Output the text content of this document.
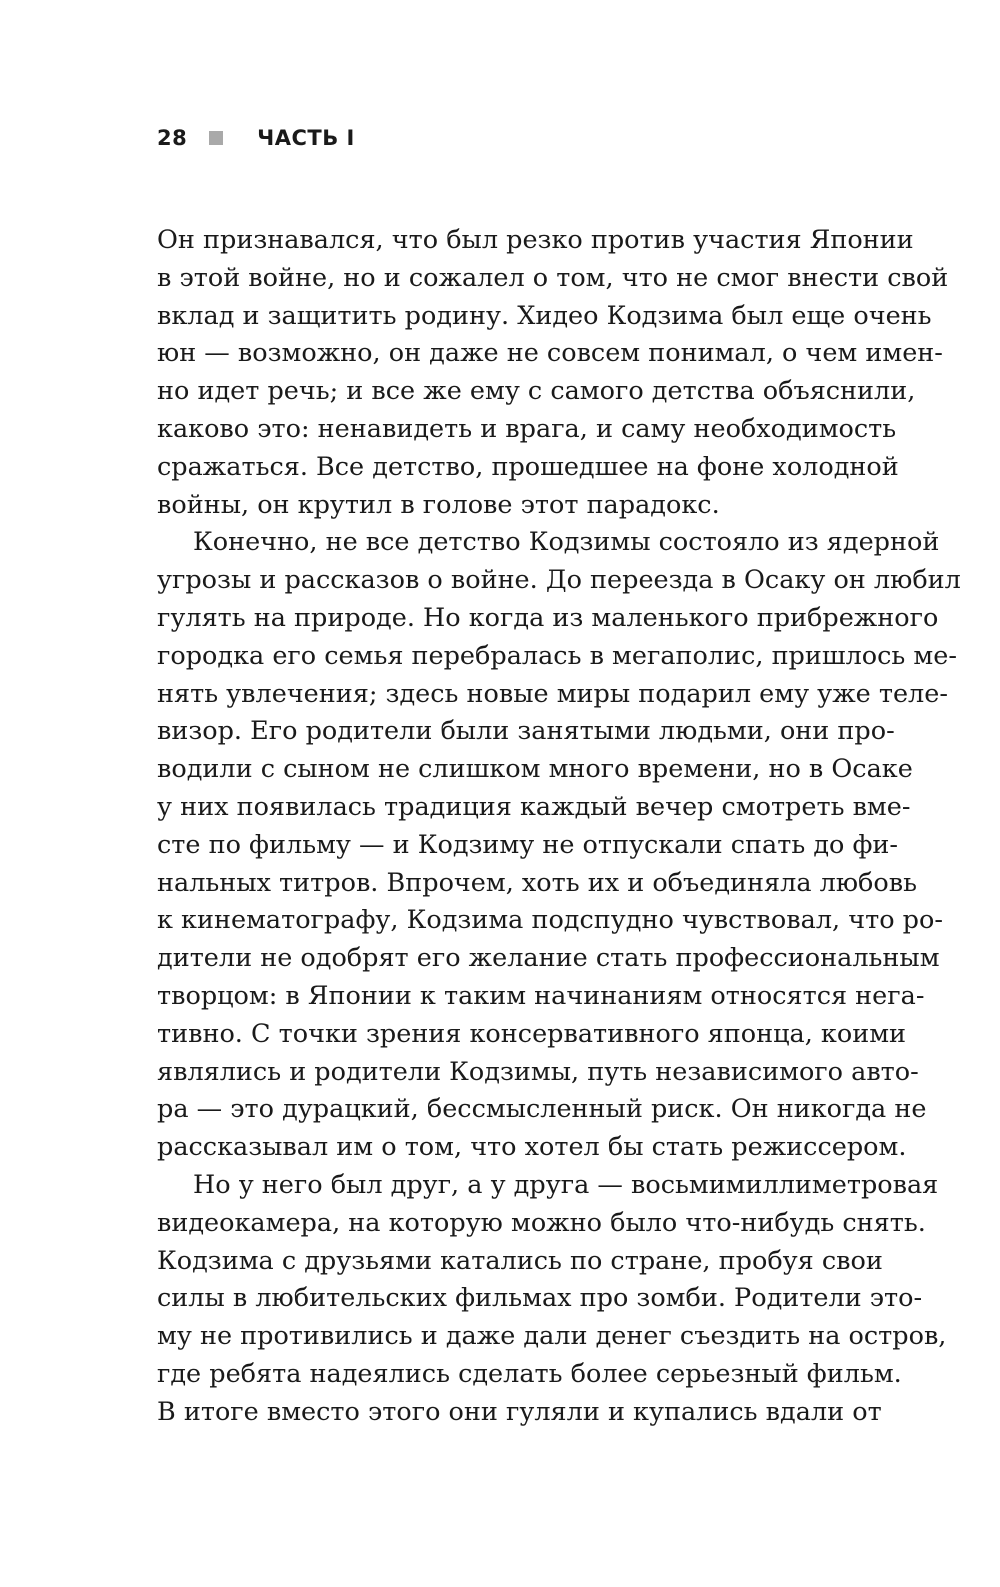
28	ЧАСТЬ I
Он признавался, что был резко против участия Японии
в этой войне, но и сожалел о том, что не смог внести свой
вклад и защитить родину. Хидео Кодзима был еще очень
юн — возможно, он даже не совсем понимал, о чем имен-
но идет речь; и все же ему с самого детства объяснили,
каково это: ненавидеть и врага, и саму необходимость
сражаться. Все детство, прошедшее на фоне холодной
войны, он крутил в голове этот парадокс.
Конечно, не все детство Кодзимы состояло из ядерной
угрозы и рассказов о войне. До переезда в Осаку он любил
гулять на природе. Но когда из маленького прибрежного
городка его семья перебралась в мегаполис, пришлось ме-
нять увлечения; здесь новые миры подарил ему уже теле-
визор. Его родители были занятыми людьми, они про-
водили с сыном не слишком много времени, но в Осаке
у них появилась традиция каждый вечер смотреть вме-
сте по фильму — и Кодзиму не отпускали спать до фи-
нальных титров. Впрочем, хоть их и объединяла любовь
к кинематографу, Кодзима подспудно чувствовал, что ро-
дители не одобрят его желание стать профессиональным
творцом: в Японии к таким начинаниям относятся нега-
тивно. С точки зрения консервативного японца, коими
являлись и родители Кодзимы, путь независимого авто-
ра — это дурацкий, бессмысленный риск. Он никогда не
рассказывал им о том, что хотел бы стать режиссером.
Но у него был друг, а у друга — восьмимиллиметровая
видеокамера, на которую можно было что-нибудь снять.
Кодзима с друзьями катались по стране, пробуя свои
силы в любительских фильмах про зомби. Родители это-
му не противились и даже дали денег съездить на остров,
где ребята надеялись сделать более серьезный фильм.
В итоге вместо этого они гуляли и купались вдали от
